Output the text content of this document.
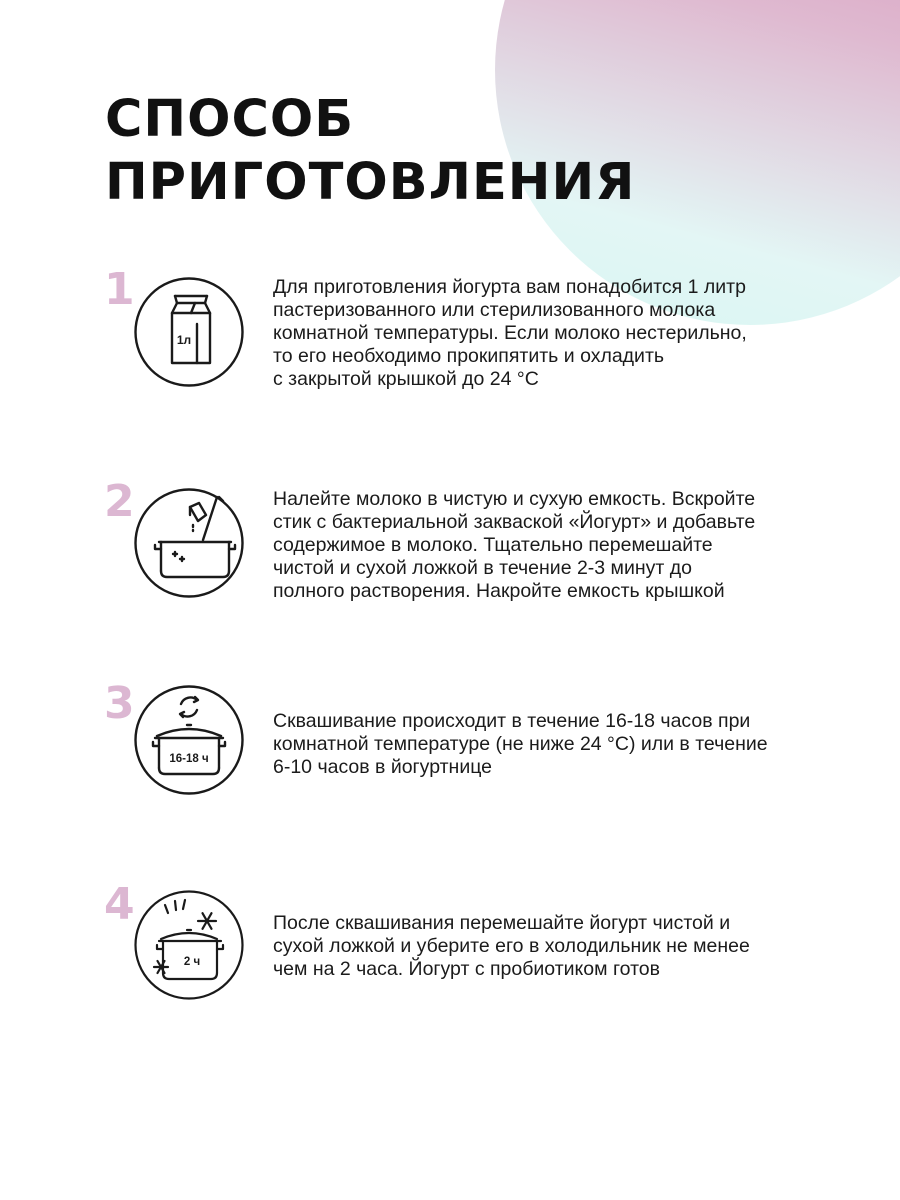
СПОСОБ
ПРИГОТОВЛЕНИЯ
1
1л
Для приготовления йогурта вам понадобится 1 литр
пастеризованного или стерилизованного молока
комнатной температуры. Если молоко нестерильно,
то его необходимо прокипятить и охладить
с закрытой крышкой до 24 °С
2	Налейте молоко в чистую и сухую емкость. Вскройте
стик с бактериальной закваской «Йогурт» и добавьте
содержимое в молоко. Тщательно перемешайте
чистой и сухой ложкой в течение 2-3 минут до
полного растворения. Накройте емкость крышкой
3
16-18 ч
Сквашивание происходит в течение 16-18 часов при
комнатной температуре (не ниже 24 °С) или в течение
6-10 часов в йогуртнице
4
2 ч
После сквашивания перемешайте йогурт чистой и
сухой ложкой и уберите его в холодильник не менее
чем на 2 часа. Йогурт с пробиотиком готов
